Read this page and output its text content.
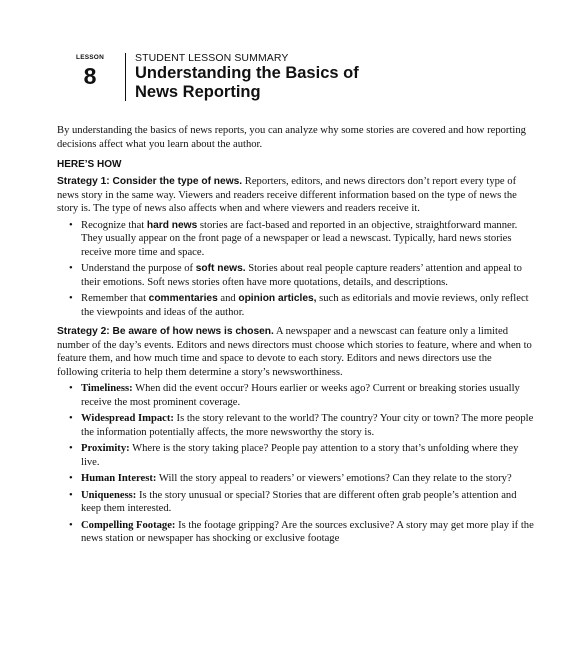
LESSON
8
STUDENT LESSON SUMMARY
Understanding the Basics of
News Reporting

By understanding the basics of news reports, you can analyze why some stories are covered and how reporting decisions affect what you learn about the author.

HERE’S HOW

Strategy 1: Consider the type of news. Reporters, editors, and news directors don’t report every type of news story in the same way. Viewers and readers receive different information based on the type of news the story is. The type of news also affects when and where viewers and readers receive it.

• Recognize that hard news stories are fact-based and reported in an objective, straightforward manner. They usually appear on the front page of a newspaper or lead a newscast. Typically, hard news stories receive more time and space.
• Understand the purpose of soft news. Stories about real people capture readers’ attention and appeal to their emotions. Soft news stories often have more quotations, details, and descriptions.
• Remember that commentaries and opinion articles, such as editorials and movie reviews, only reflect the viewpoints and ideas of the author.

Strategy 2: Be aware of how news is chosen. A newspaper and a newscast can feature only a limited number of the day’s events. Editors and news directors must choose which stories to feature, where and when to feature them, and how much time and space to devote to each story. Editors and news directors use the following criteria to help them determine a story’s newsworthiness.

• Timeliness: When did the event occur? Hours earlier or weeks ago? Current or breaking stories usually receive the most prominent coverage.
• Widespread Impact: Is the story relevant to the world? The country? Your city or town? The more people the information potentially affects, the more newsworthy the story is.
• Proximity: Where is the story taking place? People pay attention to a story that’s unfolding where they live.
• Human Interest: Will the story appeal to readers’ or viewers’ emotions? Can they relate to the story?
• Uniqueness: Is the story unusual or special? Stories that are different often grab people’s attention and keep them interested.
• Compelling Footage: Is the footage gripping? Are the sources exclusive? A story may get more play if the news station or newspaper has shocking or exclusive footage
